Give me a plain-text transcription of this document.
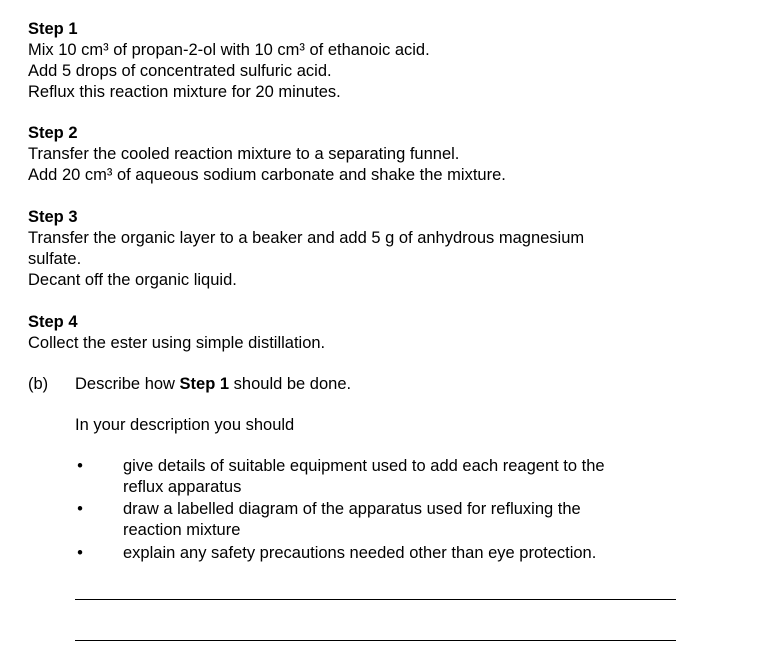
Step 1
Mix 10 cm³ of propan-2-ol with 10 cm³ of ethanoic acid.
Add 5 drops of concentrated sulfuric acid.
Reflux this reaction mixture for 20 minutes.
Step 2
Transfer the cooled reaction mixture to a separating funnel.
Add 20 cm³ of aqueous sodium carbonate and shake the mixture.
Step 3
Transfer the organic layer to a beaker and add 5 g of anhydrous magnesium
sulfate.
Decant off the organic liquid.
Step 4
Collect the ester using simple distillation.
(b) Describe how Step 1 should be done.
In your description you should
• give details of suitable equipment used to add each reagent to the
reflux apparatus
• draw a labelled diagram of the apparatus used for refluxing the
reaction mixture
• explain any safety precautions needed other than eye protection.
